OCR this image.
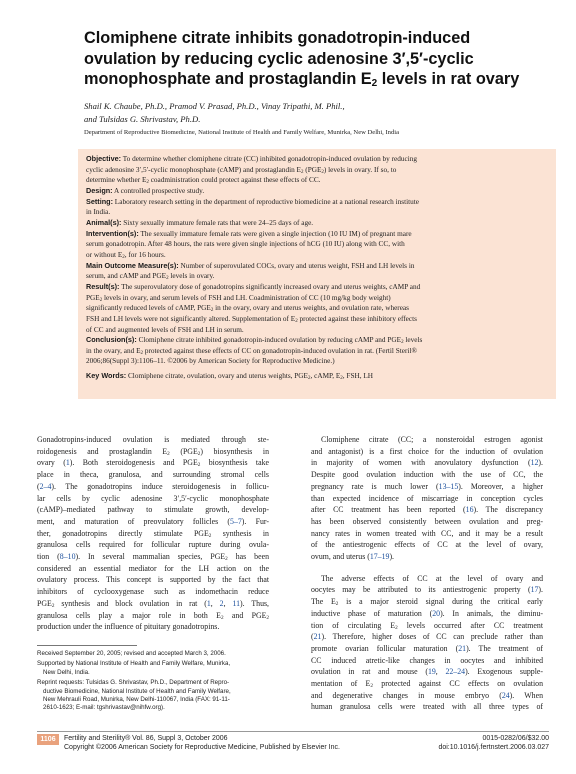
Clomiphene citrate inhibits gonadotropin-induced
ovulation by reducing cyclic adenosine 3′,5′-cyclic
monophosphate and prostaglandin $E_2$ levels in rat ovary
Shail K. Chaube, Ph.D., Pramod V. Prasad, Ph.D., Vinay Tripathi, M. Phil.,
and Tulsidas G. Shrivastav, Ph.D.
Department of Reproductive Biomedicine, National Institute of Health and Family Welfare, Munirka, New Delhi, India
Objective: To determine whether clomiphene citrate (CC) inhibited gonadotropin-induced ovulation by reducing
cyclic adenosine 3′,5′-cyclic monophosphate (cAMP) and prostaglandin $E_2$ $(PGE_2)$ levels in ovary. If so, to
determine whether $E_2$ coadministration could protect against these effects of CC.
Design: A controlled prospective study.
Setting: Laboratory research setting in the department of reproductive biomedicine at a national research institute
in India.
Animal(s): Sixty sexually immature female rats that were 24–25 days of age.
Intervention(s): The sexually immature female rats were given a single injection (10 IU IM) of pregnant mare
serum gonadotropin. After 48 hours, the rats were given single injections of hCG (10 IU) along with CC, with
or without $E_2$, for 16 hours.
Main Outcome Measure(s): Number of superovulated COCs, ovary and uterus weight, FSH and LH levels in
serum, and cAMP and $PGE_2$ levels in ovary.
Result(s): The superovulatory dose of gonadotropins significantly increased ovary and uterus weights, cAMP and
$PGE_2$ levels in ovary, and serum levels of FSH and LH. Coadministration of CC (10 mg/kg body weight)
significantly reduced levels of cAMP, $PGE_2$ in the ovary, ovary and uterus weights, and ovulation rate, whereas
FSH and LH levels were not significantly altered. Supplementation of $E_2$ protected against these inhibitory effects
of CC and augmented levels of FSH and LH in serum.
Conclusion(s): Clomiphene citrate inhibited gonadotropin-induced ovulation by reducing cAMP and $PGE_2$ levels
in the ovary, and $E_2$ protected against these effects of CC on gonadotropin-induced ovulation in rat. (Fertil Steril®
2006;86(Suppl 3):1106–11. ©2006 by American Society for Reproductive Medicine.)
Key Words: Clomiphene citrate, ovulation, ovary and uterus weights, $PGE_2$, cAMP, $E_2$, FSH, LH
Gonadotropins-induced ovulation is mediated through ste-
roidogenesis and prostaglandin $E_2$ $(PGE_2)$ biosynthesis in
ovary (1). Both steroidogenesis and $PGE_2$ biosynthesis take
place in theca, granulosa, and surrounding stromal cells
(2–4). The gonadotropins induce steroidogenesis in follicu-
lar cells by cyclic adenosine 3′,5′-cyclic monophosphate
(cAMP)–mediated pathway to stimulate growth, develop-
ment, and maturation of preovulatory follicles (5–7). Fur-
ther, gonadotropins directly stimulate $PGE_2$ synthesis in
granulosa cells required for follicular rupture during ovula-
tion (8–10). In several mammalian species, $PGE_2$ has been
considered an essential mediator for the LH action on the
ovulatory process. This concept is supported by the fact that
inhibitors of cyclooxygenase such as indomethacin reduce
$PGE_2$ synthesis and block ovulation in rat (1, 2, 11). Thus,
granulosa cells play a major role in both $E_2$ and $PGE_2$
production under the influence of pituitary gonadotropins.
Clomiphene citrate (CC; a nonsteroidal estrogen agonist
and antagonist) is a first choice for the induction of ovulation
in majority of women with anovulatory dysfunction (12).
Despite good ovulation induction with the use of CC, the
pregnancy rate is much lower (13–15). Moreover, a higher
than expected incidence of miscarriage in conception cycles
after CC treatment has been reported (16). The discrepancy
has been observed consistently between ovulation and preg-
nancy rates in women treated with CC, and it may be a result
of the antiestrogenic effects of CC at the level of ovary,
ovum, and uterus (17–19).
The adverse effects of CC at the level of ovary and
oocytes may be attributed to its antiestrogenic property (17).
The $E_2$ is a major steroid signal during the critical early
inductive phase of maturation (20). In animals, the diminu-
tion of circulating $E_2$ levels occurred after CC treatment
(21). Therefore, higher doses of CC can preclude rather than
promote ovarian follicular maturation (21). The treatment of
CC induced atretic-like changes in oocytes and inhibited
ovulation in rat and mouse (19, 22–24). Exogenous supple-
mentation of $E_2$ protected against CC effects on ovulation
and degenerative changes in mouse embryo (24). When
human granulosa cells were treated with all three types of
Received September 20, 2005; revised and accepted March 3, 2006.
Supported by National Institute of Health and Family Welfare, Munirka,
New Delhi, India.
Reprint requests: Tulsidas G. Shrivastav, Ph.D., Department of Repro-
ductive Biomedicine, National Institute of Health and Family Welfare,
New Mehrauli Road, Munirka, New Delhi-110067, India (FAX: 91-11-
2610-1623; E-mail: tgshrivastav@nihfw.org).
1106	Fertility and Sterility® Vol. 86, Suppl 3, October 2006
Copyright ©2006 American Society for Reproductive Medicine, Published by Elsevier Inc.
0015-0282/06/$32.00
doi:10.1016/j.fertnstert.2006.03.027
